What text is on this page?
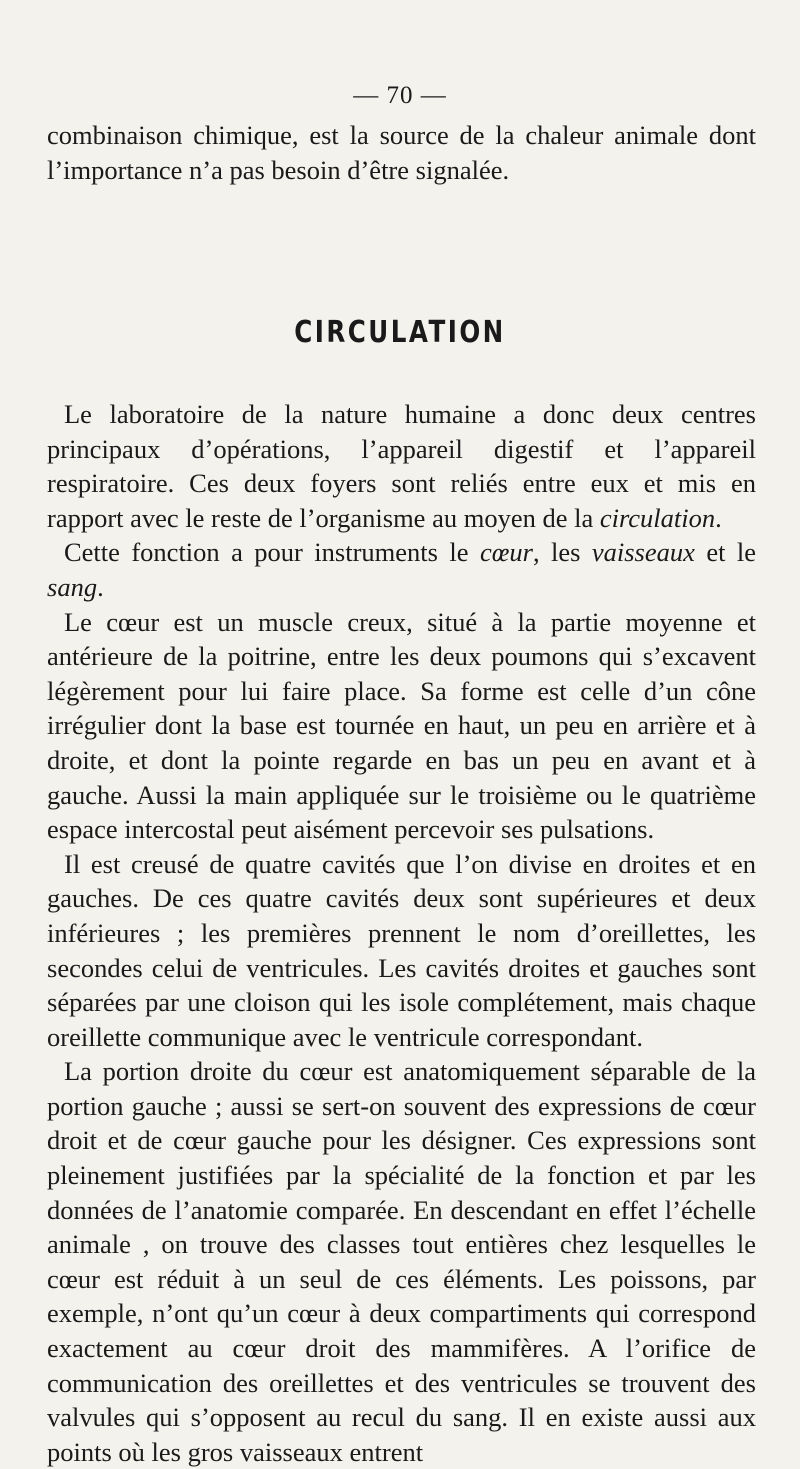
— 70 —

combinaison chimique, est la source de la chaleur animale dont l’importance n’a pas besoin d’être signalée.

CIRCULATION

Le laboratoire de la nature humaine a donc deux centres principaux d’opérations, l’appareil digestif et l’appareil respiratoire. Ces deux foyers sont reliés entre eux et mis en rapport avec le reste de l’organisme au moyen de la circulation.

Cette fonction a pour instruments le cœur, les vaisseaux et le sang.

Le cœur est un muscle creux, situé à la partie moyenne et antérieure de la poitrine, entre les deux poumons qui s’excavent légèrement pour lui faire place. Sa forme est celle d’un cône irrégulier dont la base est tournée en haut, un peu en arrière et à droite, et dont la pointe regarde en bas un peu en avant et à gauche. Aussi la main appliquée sur le troisième ou le quatrième espace intercostal peut aisément percevoir ses pulsations.

Il est creusé de quatre cavités que l’on divise en droites et en gauches. De ces quatre cavités deux sont supérieures et deux inférieures ; les premières prennent le nom d’oreillettes, les secondes celui de ventricules. Les cavités droites et gauches sont séparées par une cloison qui les isole complétement, mais chaque oreillette communique avec le ventricule correspondant.

La portion droite du cœur est anatomiquement séparable de la portion gauche ; aussi se sert-on souvent des expressions de cœur droit et de cœur gauche pour les désigner. Ces expressions sont pleinement justifiées par la spécialité de la fonction et par les données de l’anatomie comparée. En descendant en effet l’échelle animale , on trouve des classes tout entières chez lesquelles le cœur est réduit à un seul de ces éléments. Les poissons, par exemple, n’ont qu’un cœur à deux compartiments qui correspond exactement au cœur droit des mammifères. A l’orifice de communication des oreillettes et des ventricules se trouvent des valvules qui s’opposent au recul du sang. Il en existe aussi aux points où les gros vaisseaux entrent
